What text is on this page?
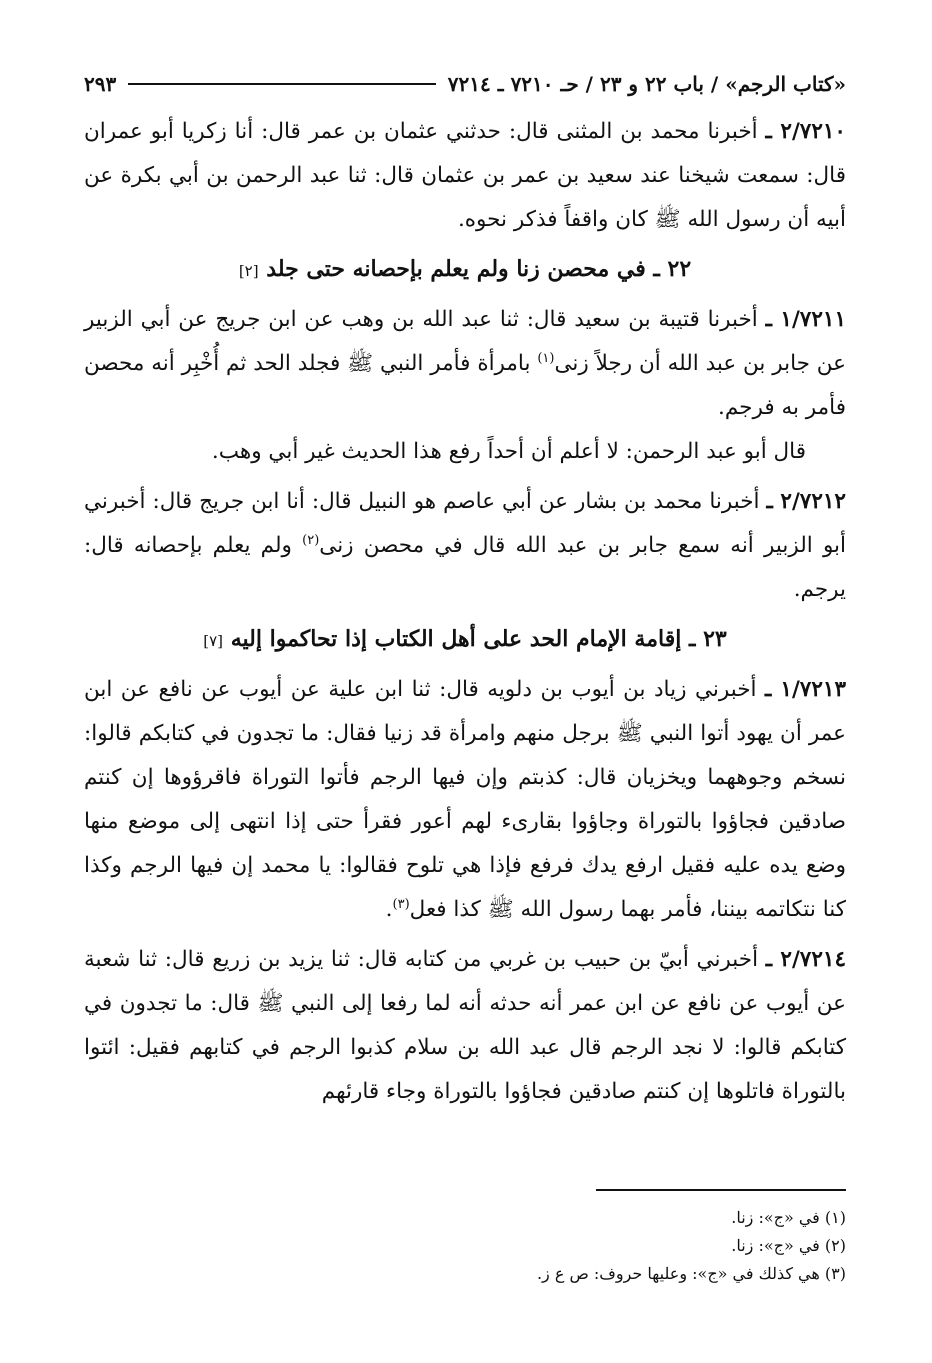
«كتاب الرجم» / باب ٢٢ و ٢٣ / حـ ٧٢١٠ ـ ٧٢١٤
٢٩٣

٢/٧٢١٠ ـ أخبرنا محمد بن المثنى قال: حدثني عثمان بن عمر قال: أنا زكريا أبو عمران قال: سمعت شيخنا عند سعيد بن عمر بن عثمان قال: ثنا عبد الرحمن بن أبي بكرة عن أبيه أن رسول الله ﷺ كان واقفاً فذكر نحوه.

٢٢ ـ في محصن زنا ولم يعلم بإحصانه حتى جلد [٢]

١/٧٢١١ ـ أخبرنا قتيبة بن سعيد قال: ثنا عبد الله بن وهب عن ابن جريج عن أبي الزبير عن جابر بن عبد الله أن رجلاً زنى$^{(١)}$ بامرأة فأمر النبي ﷺ فجلد الحد ثم أُخْبِر أنه محصن فأمر به فرجم.

قال أبو عبد الرحمن: لا أعلم أن أحداً رفع هذا الحديث غير أبي وهب.

٢/٧٢١٢ ـ أخبرنا محمد بن بشار عن أبي عاصم هو النبيل قال: أنا ابن جريج قال: أخبرني أبو الزبير أنه سمع جابر بن عبد الله قال في محصن زنى$^{(٢)}$ ولم يعلم بإحصانه قال: يرجم.

٢٣ ـ إقامة الإمام الحد على أهل الكتاب إذا تحاكموا إليه [٧]

١/٧٢١٣ ـ أخبرني زياد بن أيوب بن دلويه قال: ثنا ابن علية عن أيوب عن نافع عن ابن عمر أن يهود أتوا النبي ﷺ برجل منهم وامرأة قد زنيا فقال: ما تجدون في كتابكم قالوا: نسخم وجوههما ويخزيان قال: كذبتم وإن فيها الرجم فأتوا التوراة فاقرؤوها إن كنتم صادقين فجاؤوا بالتوراة وجاؤوا بقارىء لهم أعور فقرأ حتى إذا انتهى إلى موضع منها وضع يده عليه فقيل ارفع يدك فرفع فإذا هي تلوح فقالوا: يا محمد إن فيها الرجم وكذا كنا نتكاتمه بيننا، فأمر بهما رسول الله ﷺ كذا فعل$^{(٣)}$.

٢/٧٢١٤ ـ أخبرني أبيّ بن حبيب بن غربي من كتابه قال: ثنا يزيد بن زريع قال: ثنا شعبة عن أيوب عن نافع عن ابن عمر أنه حدثه أنه لما رفعا إلى النبي ﷺ قال: ما تجدون في كتابكم قالوا: لا نجد الرجم قال عبد الله بن سلام كذبوا الرجم في كتابهم فقيل: ائتوا بالتوراة فاتلوها إن كنتم صادقين فجاؤوا بالتوراة وجاء قارئهم

(١) في «ج»: زنا.
(٢) في «ج»: زنا.
(٣) هي كذلك في «ج»: وعليها حروف: ص ع ز.
